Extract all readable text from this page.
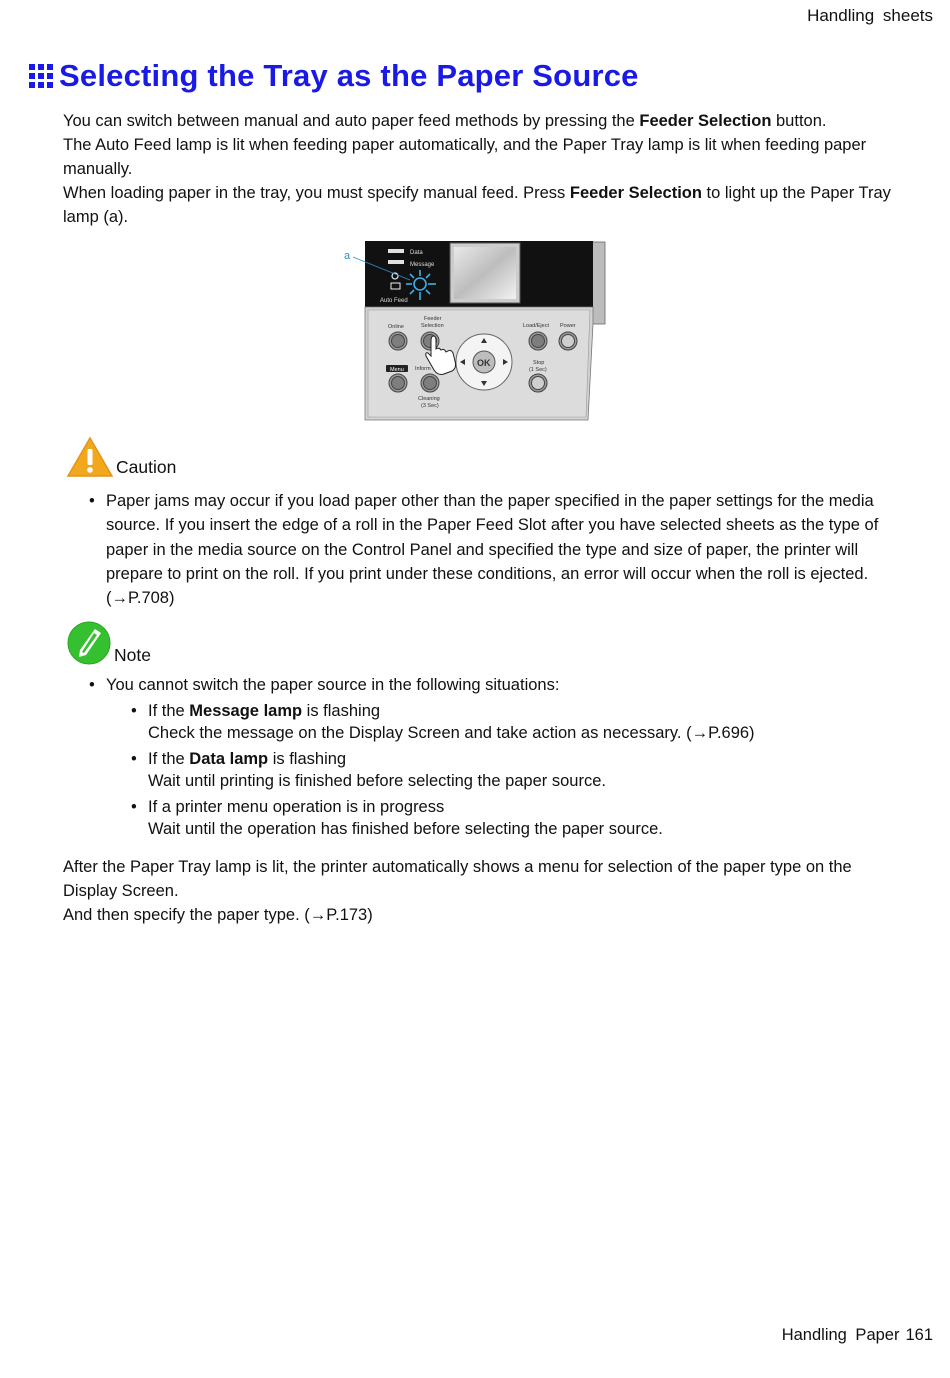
Handling sheets
Selecting the Tray as the Paper Source
You can switch between manual and auto paper feed methods by pressing the Feeder Selection button.
The Auto Feed lamp is lit when feeding paper automatically, and the Paper Tray lamp is lit when feeding paper manually.
When loading paper in the tray, you must specify manual feed. Press Feeder Selection to light up the Paper Tray lamp (a).
Data
Message
Auto Feed
a
Online
Feeder
Selection	Load/Eject Power
Inform
Stop
(1 Sec)
Cleaning
(3 Sec)
Menu
OK
Caution
• Paper jams may occur if you load paper other than the paper specified in the paper settings for the media source. If you insert the edge of a roll in the Paper Feed Slot after you have selected sheets as the type of paper in the media source on the Control Panel and specified the type and size of paper, the printer will prepare to print on the roll. If you print under these conditions, an error will occur when the roll is ejected. (→P.708)
Note
• You cannot switch the paper source in the following situations:
• If the Message lamp is flashing
Check the message on the Display Screen and take action as necessary. (→P.696)
• If the Data lamp is flashing
Wait until printing is finished before selecting the paper source.
• If a printer menu operation is in progress
Wait until the operation has finished before selecting the paper source.
After the Paper Tray lamp is lit, the printer automatically shows a menu for selection of the paper type on the Display Screen.
And then specify the paper type. (→P.173)
Handling Paper 161
